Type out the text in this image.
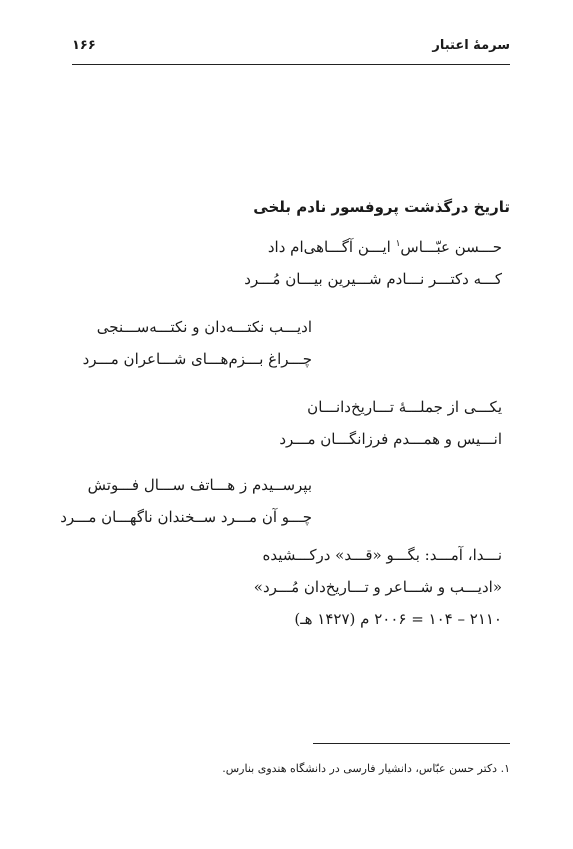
سرمهٔ اعتبار
۱۶۶
تاریخ درگذشت پروفسور نادم بلخی
حـــسن عبّـــاس$^۱$ ایـــن آگـــاهی‌ام داد
کـــه دکتـــر نـــادم شـــیرین بیـــان مُـــرد
ادیـــب نکتـــه‌دان و نکتـــه‌ســـنجی
چـــراغ بـــزم‌هـــای شـــاعران مـــرد
یکـــی از جملـــهٔ تـــاریخ‌دانـــان
انـــیس و همـــدم فرزانگـــان مـــرد
بپرســیدم ز هـــاتف ســـال فـــوتش
چـــو آن مـــرد ســخندان ناگهـــان مـــرد
نـــدا، آمـــد: بگـــو «قـــد» درکـــشیده
«ادیـــب و شـــاعر و تـــاریخ‌دان مُـــرد»
۲۱۱۰ – ۱۰۴ = ۲۰۰۶ م (۱۴۲۷ هـ)
۱. دکتر حسن عبّاس، دانشیار فارسی در دانشگاه هندوی بنارس.
